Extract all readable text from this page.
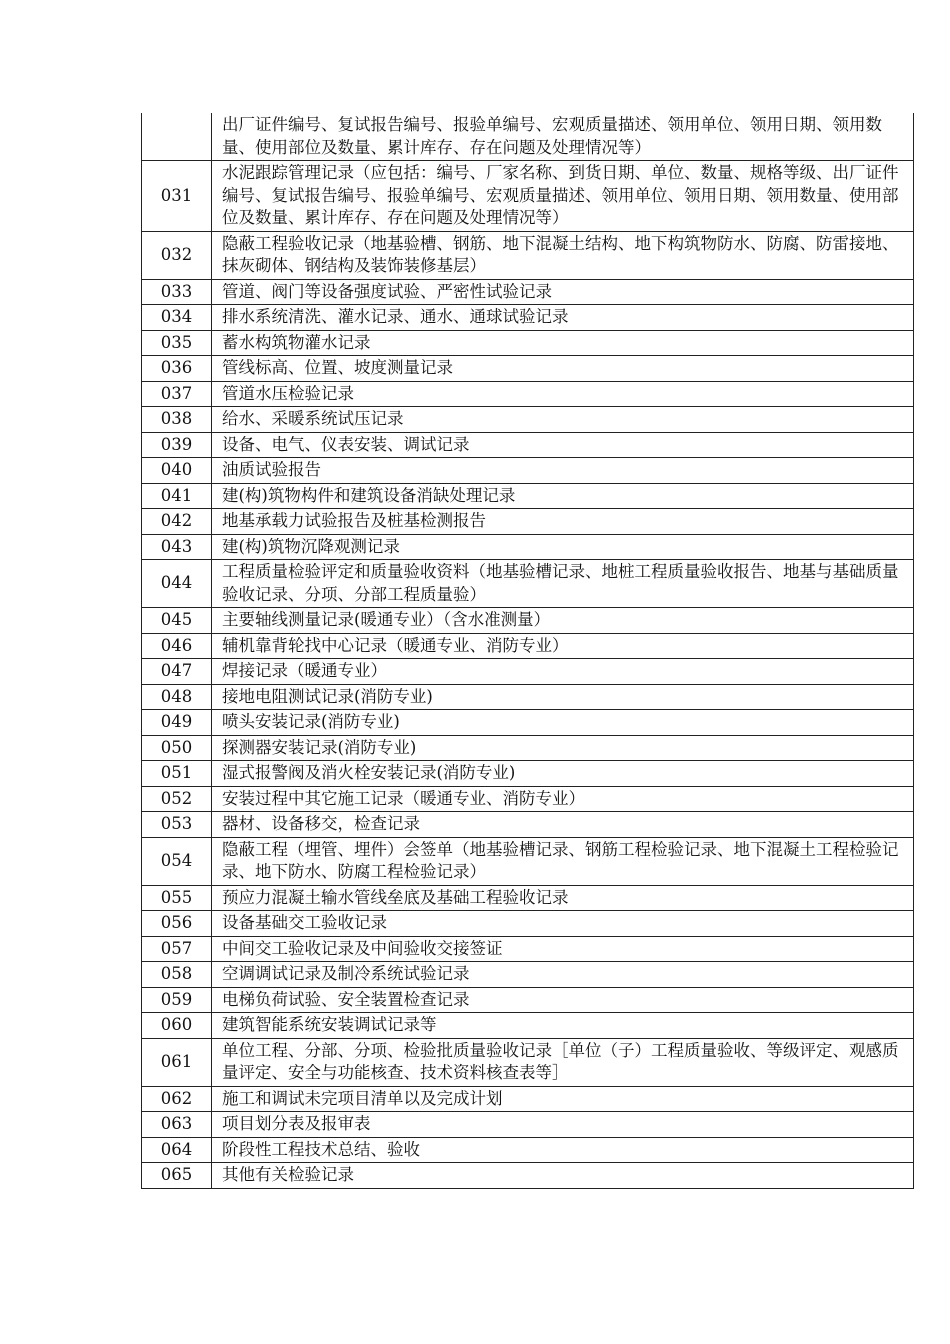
	出厂证件编号、复试报告编号、报验单编号、宏观质量描述、领用单位、领用日期、领用数量、使用部位及数量、累计库存、存在问题及处理情况等）
031	水泥跟踪管理记录（应包括：编号、厂家名称、到货日期、单位、数量、规格等级、出厂证件编号、复试报告编号、报验单编号、宏观质量描述、领用单位、领用日期、领用数量、使用部位及数量、累计库存、存在问题及处理情况等）
032	隐蔽工程验收记录（地基验槽、钢筋、地下混凝土结构、地下构筑物防水、防腐、防雷接地、抹灰砌体、钢结构及装饰装修基层）
033	管道、阀门等设备强度试验、严密性试验记录
034	排水系统清洗、灌水记录、通水、通球试验记录
035	蓄水构筑物灌水记录
036	管线标高、位置、坡度测量记录
037	管道水压检验记录
038	给水、采暖系统试压记录
039	设备、电气、仪表安装、调试记录
040	油质试验报告
041	建(构)筑物构件和建筑设备消缺处理记录
042	地基承载力试验报告及桩基检测报告
043	建(构)筑物沉降观测记录
044	工程质量检验评定和质量验收资料（地基验槽记录、地桩工程质量验收报告、地基与基础质量验收记录、分项、分部工程质量验）
045	主要轴线测量记录(暖通专业）（含水准测量）
046	辅机靠背轮找中心记录（暖通专业、消防专业）
047	焊接记录（暖通专业）
048	接地电阻测试记录(消防专业)
049	喷头安装记录(消防专业)
050	探测器安装记录(消防专业)
051	湿式报警阀及消火栓安装记录(消防专业)
052	安装过程中其它施工记录（暖通专业、消防专业）
053	器材、设备移交，检查记录
054	隐蔽工程（埋管、埋件）会签单（地基验槽记录、钢筋工程检验记录、地下混凝土工程检验记录、地下防水、防腐工程检验记录）
055	预应力混凝土输水管线垒底及基础工程验收记录
056	设备基础交工验收记录
057	中间交工验收记录及中间验收交接签证
058	空调调试记录及制冷系统试验记录
059	电梯负荷试验、安全装置检查记录
060	建筑智能系统安装调试记录等
061	单位工程、分部、分项、检验批质量验收记录［单位（子）工程质量验收、等级评定、观感质量评定、安全与功能核查、技术资料核查表等］
062	施工和调试未完项目清单以及完成计划
063	项目划分表及报审表
064	阶段性工程技术总结、验收
065	其他有关检验记录
